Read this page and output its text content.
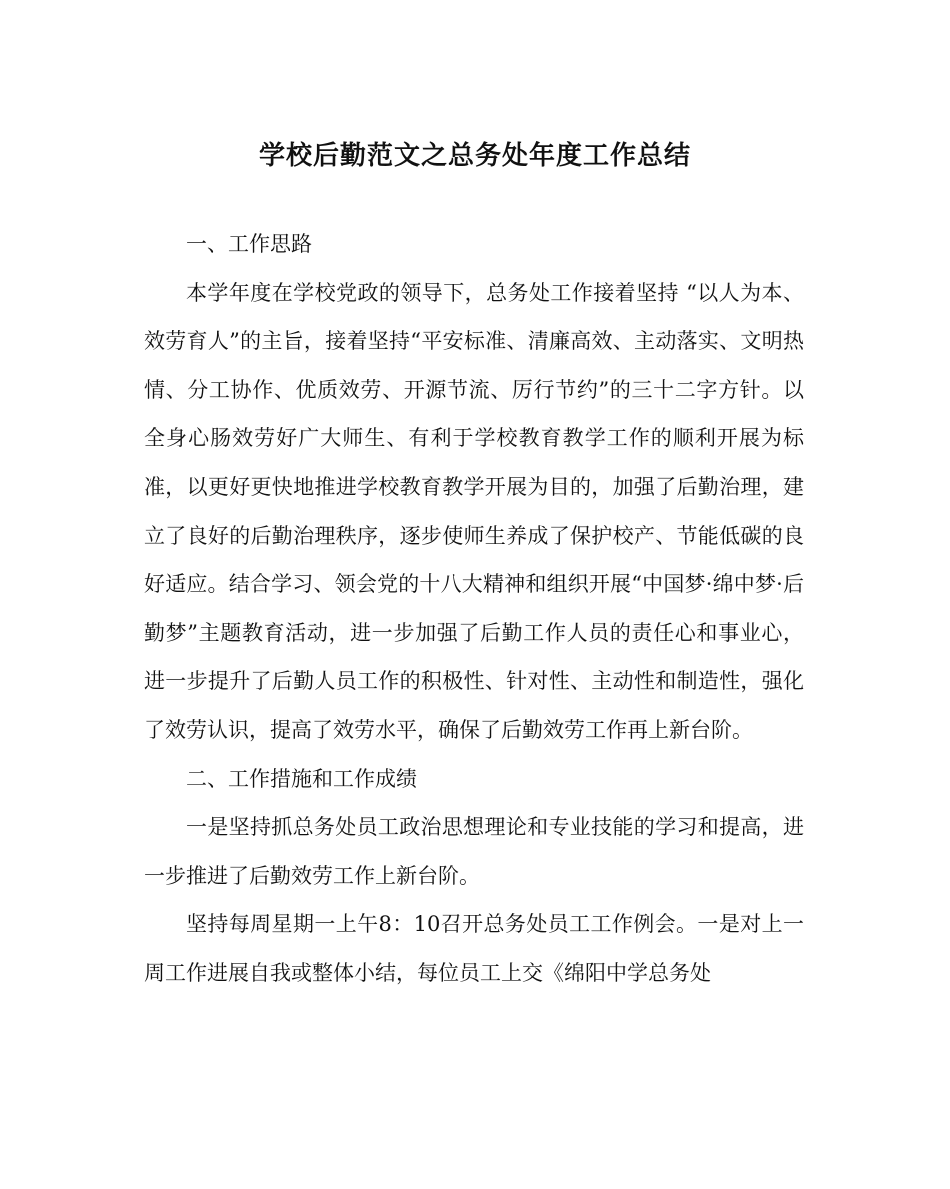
学校后勤范文之总务处年度工作总结

一、工作思路

本学年度在学校党政的领导下，总务处工作接着坚持 “以人为本、效劳育人”的主旨，接着坚持“平安标准、清廉高效、主动落实、文明热情、分工协作、优质效劳、开源节流、厉行节约”的三十二字方针。以全身心肠效劳好广大师生、有利于学校教育教学工作的顺利开展为标准，以更好更快地推进学校教育教学开展为目的，加强了后勤治理，建立了良好的后勤治理秩序，逐步使师生养成了保护校产、节能低碳的良好适应。结合学习、领会党的十八大精神和组织开展“中国梦·绵中梦·后勤梦”主题教育活动，进一步加强了后勤工作人员的责任心和事业心， 进一步提升了后勤人员工作的积极性、针对性、主动性和制造性，强化了效劳认识，提高了效劳水平，确保了后勤效劳工作再上新台阶。

二、工作措施和工作成绩

一是坚持抓总务处员工政治思想理论和专业技能的学习和提高，进一步推进了后勤效劳工作上新台阶。

坚持每周星期一上午8：10召开总务处员工工作例会。一是对上一周工作进展自我或整体小结，每位员工上交《绵阳中学总务处
